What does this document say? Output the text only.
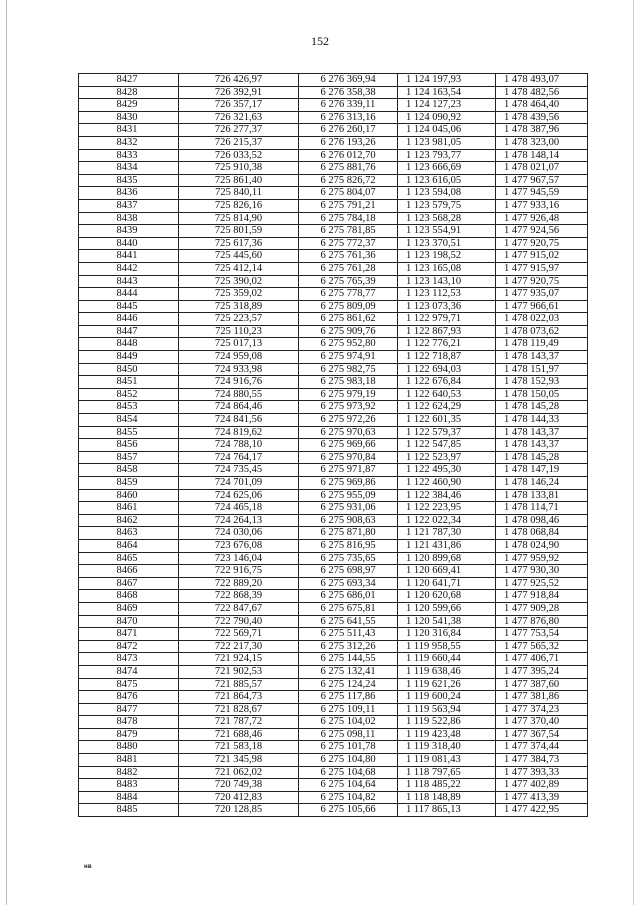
152
8427	726 426,97	6 276 369,94	1 124 197,93	1 478 493,07
8428	726 392,91	6 276 358,38	1 124 163,54	1 478 482,56
8429	726 357,17	6 276 339,11	1 124 127,23	1 478 464,40
8430	726 321,63	6 276 313,16	1 124 090,92	1 478 439,56
8431	726 277,37	6 276 260,17	1 124 045,06	1 478 387,96
8432	726 215,37	6 276 193,26	1 123 981,05	1 478 323,00
8433	726 033,52	6 276 012,70	1 123 793,77	1 478 148,14
8434	725 910,38	6 275 881,76	1 123 666,69	1 478 021,07
8435	725 861,40	6 275 826,72	1 123 616,05	1 477 967,57
8436	725 840,11	6 275 804,07	1 123 594,08	1 477 945,59
8437	725 826,16	6 275 791,21	1 123 579,75	1 477 933,16
8438	725 814,90	6 275 784,18	1 123 568,28	1 477 926,48
8439	725 801,59	6 275 781,85	1 123 554,91	1 477 924,56
8440	725 617,36	6 275 772,37	1 123 370,51	1 477 920,75
8441	725 445,60	6 275 761,36	1 123 198,52	1 477 915,02
8442	725 412,14	6 275 761,28	1 123 165,08	1 477 915,97
8443	725 390,02	6 275 765,39	1 123 143,10	1 477 920,75
8444	725 359,02	6 275 778,77	1 123 112,53	1 477 935,07
8445	725 318,89	6 275 809,09	1 123 073,36	1 477 966,61
8446	725 223,57	6 275 861,62	1 122 979,71	1 478 022,03
8447	725 110,23	6 275 909,76	1 122 867,93	1 478 073,62
8448	725 017,13	6 275 952,80	1 122 776,21	1 478 119,49
8449	724 959,08	6 275 974,91	1 122 718,87	1 478 143,37
8450	724 933,98	6 275 982,75	1 122 694,03	1 478 151,97
8451	724 916,76	6 275 983,18	1 122 676,84	1 478 152,93
8452	724 880,55	6 275 979,19	1 122 640,53	1 478 150,05
8453	724 864,46	6 275 973,92	1 122 624,29	1 478 145,28
8454	724 841,56	6 275 972,26	1 122 601,35	1 478 144,33
8455	724 819,62	6 275 970,63	1 122 579,37	1 478 143,37
8456	724 788,10	6 275 969,66	1 122 547,85	1 478 143,37
8457	724 764,17	6 275 970,84	1 122 523,97	1 478 145,28
8458	724 735,45	6 275 971,87	1 122 495,30	1 478 147,19
8459	724 701,09	6 275 969,86	1 122 460,90	1 478 146,24
8460	724 625,06	6 275 955,09	1 122 384,46	1 478 133,81
8461	724 465,18	6 275 931,06	1 122 223,95	1 478 114,71
8462	724 264,13	6 275 908,63	1 122 022,34	1 478 098,46
8463	724 030,06	6 275 871,80	1 121 787,30	1 478 068,84
8464	723 676,08	6 275 816,95	1 121 431,86	1 478 024,90
8465	723 146,04	6 275 735,65	1 120 899,68	1 477 959,92
8466	722 916,75	6 275 698,97	1 120 669,41	1 477 930,30
8467	722 889,20	6 275 693,34	1 120 641,71	1 477 925,52
8468	722 868,39	6 275 686,01	1 120 620,68	1 477 918,84
8469	722 847,67	6 275 675,81	1 120 599,66	1 477 909,28
8470	722 790,40	6 275 641,55	1 120 541,38	1 477 876,80
8471	722 569,71	6 275 511,43	1 120 316,84	1 477 753,54
8472	722 217,30	6 275 312,26	1 119 958,55	1 477 565,32
8473	721 924,15	6 275 144,55	1 119 660,44	1 477 406,71
8474	721 902,53	6 275 132,41	1 119 638,46	1 477 395,24
8475	721 885,57	6 275 124,24	1 119 621,26	1 477 387,60
8476	721 864,73	6 275 117,86	1 119 600,24	1 477 381,86
8477	721 828,67	6 275 109,11	1 119 563,94	1 477 374,23
8478	721 787,72	6 275 104,02	1 119 522,86	1 477 370,40
8479	721 688,46	6 275 098,11	1 119 423,48	1 477 367,54
8480	721 583,18	6 275 101,78	1 119 318,40	1 477 374,44
8481	721 345,98	6 275 104,80	1 119 081,43	1 477 384,73
8482	721 062,02	6 275 104,68	1 118 797,65	1 477 393,33
8483	720 749,38	6 275 104,64	1 118 485,22	1 477 402,89
8484	720 412,83	6 275 104,82	1 118 148,89	1 477 413,39
8485	720 128,85	6 275 105,66	1 117 865,13	1 477 422,95
нв
